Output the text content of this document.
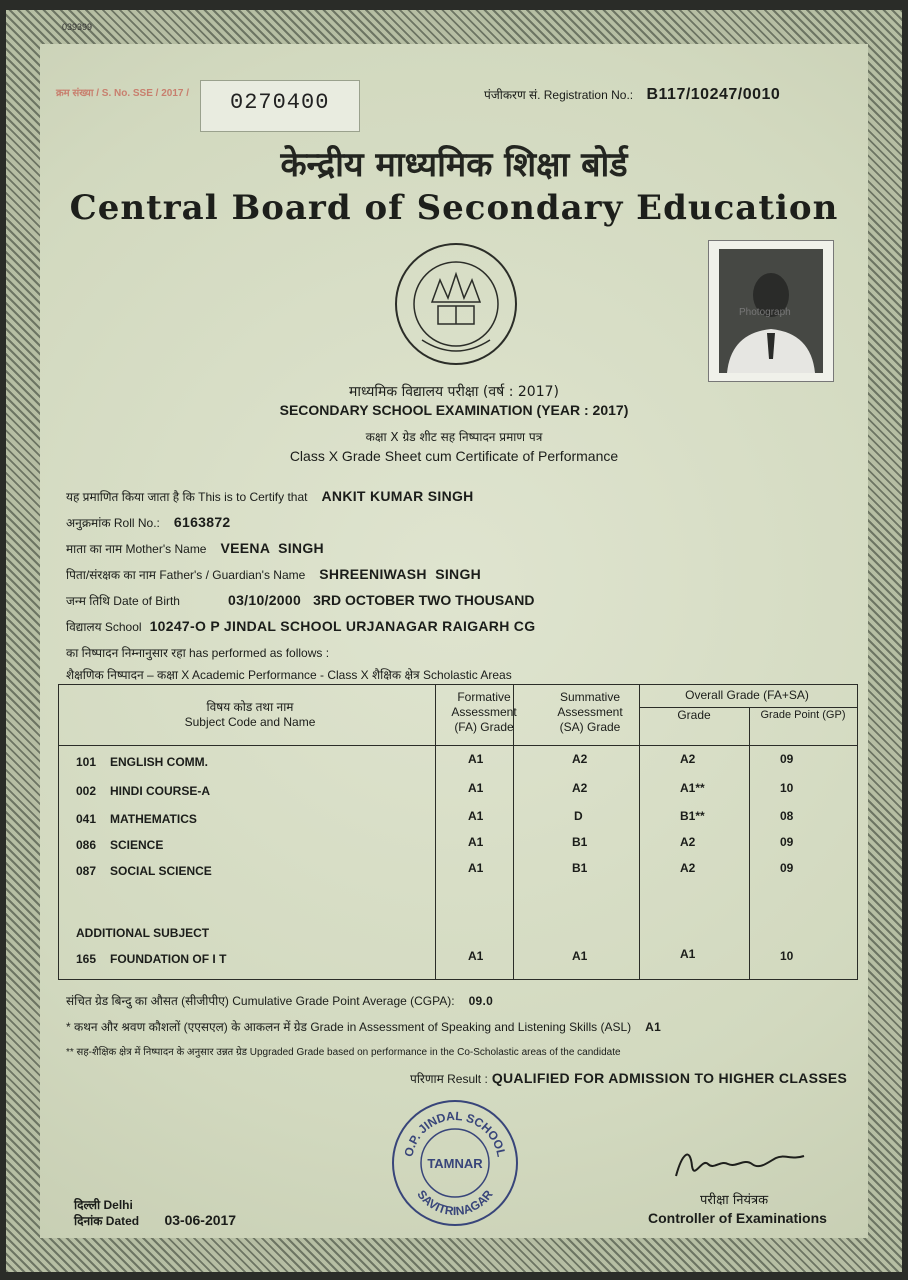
039399
क्रम संख्या / S. No. SSE / 2017 /	0270400	पंजीकरण सं. Registration No.: B117/10247/0010
केन्द्रीय माध्यमिक शिक्षा बोर्ड
Central Board of Secondary Education
Photograph
माध्यमिक विद्यालय परीक्षा (वर्ष : 2017)
SECONDARY SCHOOL EXAMINATION (YEAR : 2017)
कक्षा X ग्रेड शीट सह निष्पादन प्रमाण पत्र
Class X Grade Sheet cum Certificate of Performance
यह प्रमाणित किया जाता है कि This is to Certify that ANKIT KUMAR SINGH
अनुक्रमांक Roll No.: 6163872
माता का नाम Mother's Name VEENA  SINGH
पिता/संरक्षक का नाम Father's / Guardian's Name SHREENIWASH  SINGH
जन्म तिथि Date of Birth	03/10/2000 3RD OCTOBER TWO THOUSAND
विद्यालय School 10247-O P JINDAL SCHOOL URJANAGAR RAIGARH CG
का निष्पादन निम्नानुसार रहा has performed as follows :
शैक्षणिक निष्पादन – कक्षा X Academic Performance - Class X शैक्षिक क्षेत्र Scholastic Areas
विषय कोड तथा नाम
Subject Code and Name
Formative
Assessment
(FA) Grade
Summative
Assessment
(SA) Grade
Overall Grade (FA+SA)
Grade	Grade Point (GP)
101 ENGLISH COMM.	A1	A2	A2	09
002 HINDI COURSE-A	A1	A2	A1**	10
041 MATHEMATICS	A1	D	B1**	08
086 SCIENCE	A1	B1	A2	09
087 SOCIAL SCIENCE	A1	B1	A2	09
ADDITIONAL SUBJECT
165 FOUNDATION OF I T	A1	A1	A1	10
संचित ग्रेड बिन्दु का औसत (सीजीपीए) Cumulative Grade Point Average (CGPA): 09.0
* कथन और श्रवण कौशलों (एएसएल) के आकलन में ग्रेड Grade in Assessment of Speaking and Listening Skills (ASL) A1
** सह-शैक्षिक क्षेत्र में निष्पादन के अनुसार उन्नत ग्रेड Upgraded Grade based on performance in the Co-Scholastic areas of the candidate
परिणाम Result : QUALIFIED FOR ADMISSION TO HIGHER CLASSES
O.P. JINDAL SCHOOL
SAVITRINAGAR
TAMNAR
दिल्ली Delhi
दिनांक Dated 03-06-2017
परीक्षा नियंत्रक
Controller of Examinations
